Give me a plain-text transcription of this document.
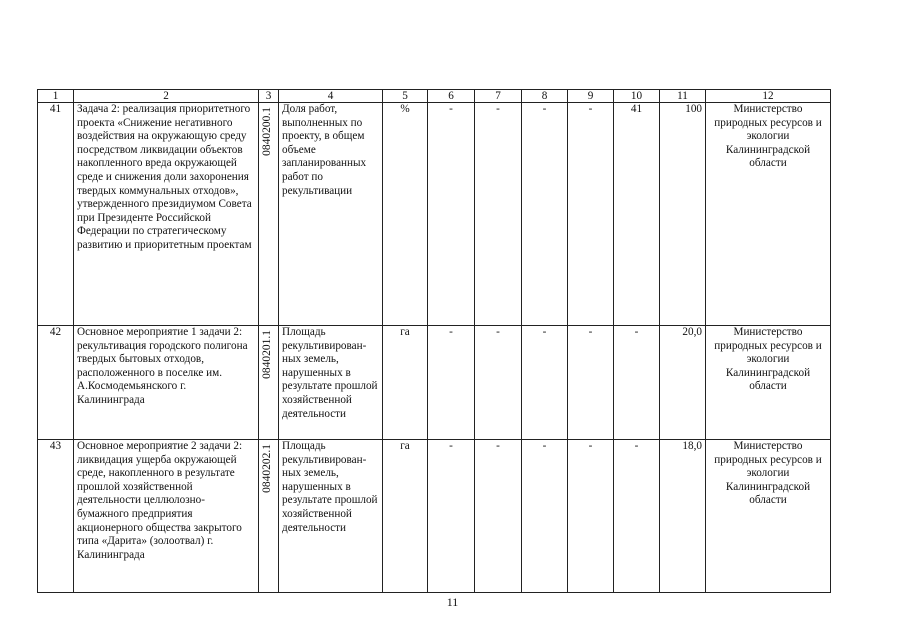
1	2	3	4	5	6	7	8	9	10	11	12
41	Задача 2: реализация приоритетного проекта «Снижение негативного воздействия на окружающую среду посредством ликвидации объектов накопленного вреда окружающей среде и снижения доли захоронения твердых коммунальных отходов», утвержденного президиумом Совета при Президенте Российской Федерации по стратегическому развитию и приоритетным проектам	0840200.1	Доля работ, выполненных по проекту, в общем объеме запланированных работ по рекультивации	%	-	-	-	-	41	100	Министерство природных ресурсов и экологии Калининградской области
42	Основное мероприятие 1 задачи 2: рекультивация городского полигона твердых бытовых отходов, расположенного в поселке им. А.Космодемьянского г. Калининграда	0840201.1	Площадь рекультивирован-ных земель, нарушенных в результате прошлой хозяйственной деятельности	га	-	-	-	-	-	20,0	Министерство природных ресурсов и экологии Калининградской области
43	Основное мероприятие 2 задачи 2: ликвидация ущерба окружающей среде, накопленного в результате прошлой хозяйственной деятельности целлюлозно-бумажного предприятия акционерного общества закрытого типа «Дарита» (золоотвал) г. Калининграда	0840202.1	Площадь рекультивирован-ных земель, нарушенных в результате прошлой хозяйственной деятельности	га	-	-	-	-	-	18,0	Министерство природных ресурсов и экологии Калининградской области
11
